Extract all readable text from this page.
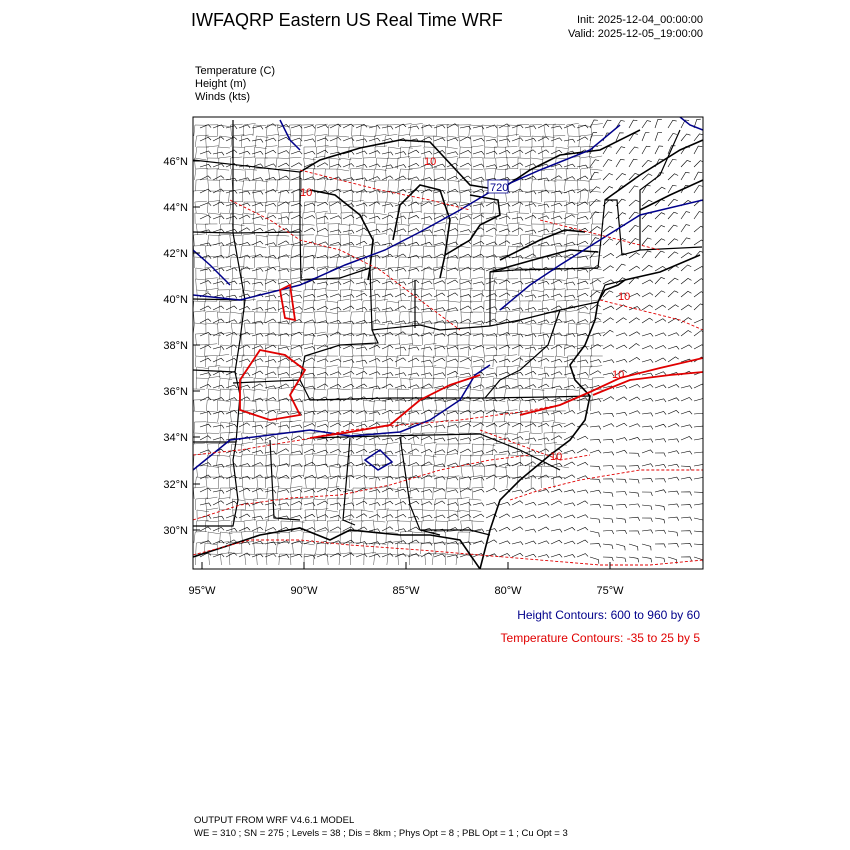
IWFAQRP Eastern US Real Time WRF	Init: 2025-12-04_00:00:00
Valid: 2025-12-05_19:00:00
Temperature (C)
Height (m)
Winds (kts)
720
10
10
10
10
10
46°N
44°N
42°N
40°N
38°N
36°N
34°N
32°N
30°N
95°W	90°W	85°W	80°W	75°W
Height Contours: 600 to 960 by 60
Temperature Contours: -35 to 25 by 5
OUTPUT FROM WRF V4.6.1 MODEL
WE = 310 ; SN = 275 ; Levels = 38 ; Dis = 8km ; Phys Opt = 8 ; PBL Opt = 1 ; Cu Opt = 3
